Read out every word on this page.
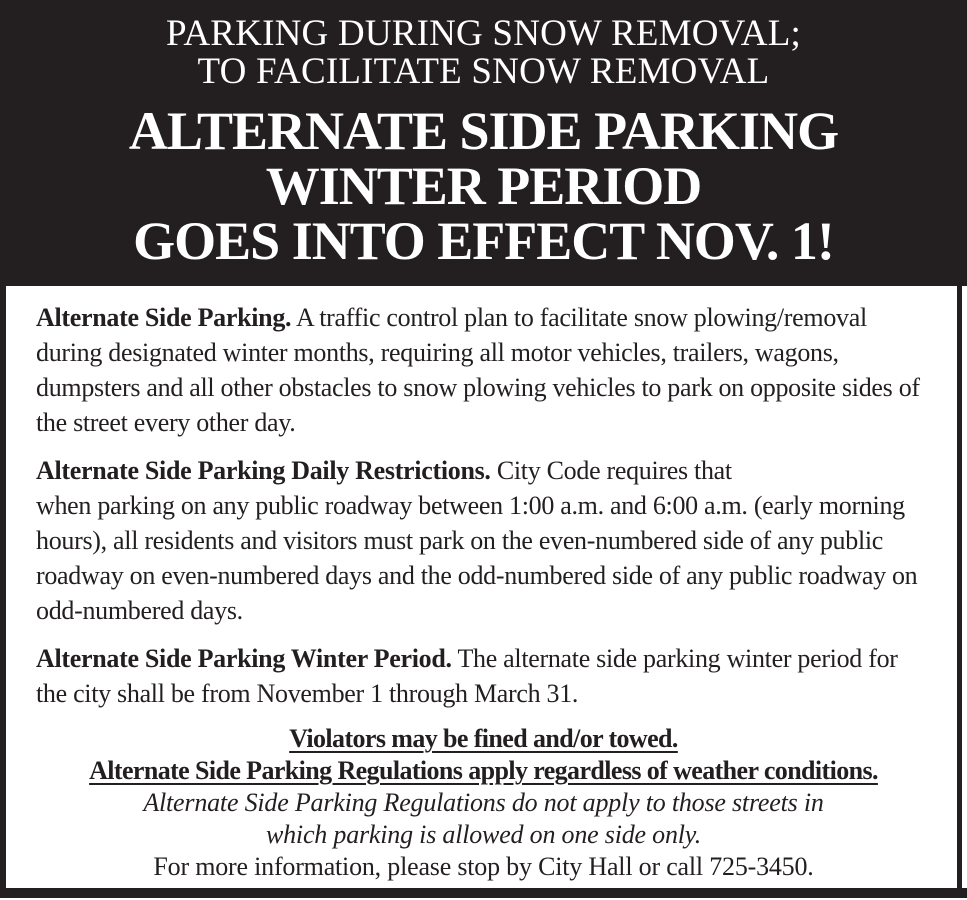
PARKING DURING SNOW REMOVAL;
TO FACILITATE SNOW REMOVAL
ALTERNATE SIDE PARKING
WINTER PERIOD
GOES INTO EFFECT NOV. 1!

Alternate Side Parking. A traffic control plan to facilitate snow plowing/removal during designated winter months, requiring all motor vehicles, trailers, wagons, dumpsters and all other obstacles to snow plowing vehicles to park on opposite sides of the street every other day.

Alternate Side Parking Daily Restrictions. City Code requires that
when parking on any public roadway between 1:00 a.m. and 6:00 a.m. (early morning hours), all residents and visitors must park on the even-numbered side of any public roadway on even-numbered days and the odd-numbered side of any public roadway on odd-numbered days.

Alternate Side Parking Winter Period. The alternate side parking winter period for the city shall be from November 1 through March 31.

Violators may be fined and/or towed.
Alternate Side Parking Regulations apply regardless of weather conditions.
Alternate Side Parking Regulations do not apply to those streets in
which parking is allowed on one side only.
For more information, please stop by City Hall or call 725-3450.
